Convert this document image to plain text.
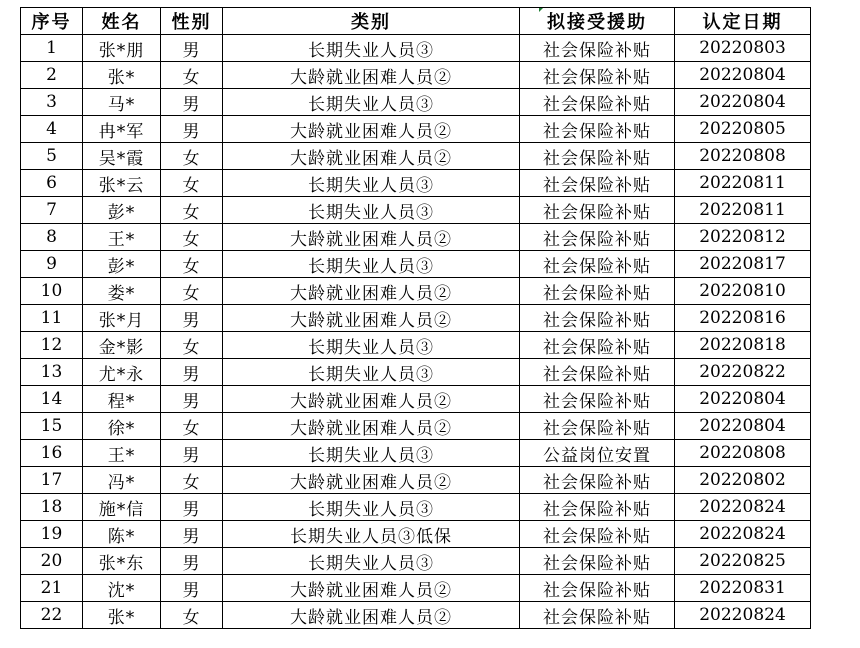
序号	姓名	性别	类别	拟接受援助	认定日期
1	张*朋	男	长期失业人员③	社会保险补贴	20220803
2	张*	女	大龄就业困难人员②	社会保险补贴	20220804
3	马*	男	长期失业人员③	社会保险补贴	20220804
4	冉*军	男	大龄就业困难人员②	社会保险补贴	20220805
5	吴*霞	女	大龄就业困难人员②	社会保险补贴	20220808
6	张*云	女	长期失业人员③	社会保险补贴	20220811
7	彭*	女	长期失业人员③	社会保险补贴	20220811
8	王*	女	大龄就业困难人员②	社会保险补贴	20220812
9	彭*	女	长期失业人员③	社会保险补贴	20220817
10	娄*	女	大龄就业困难人员②	社会保险补贴	20220810
11	张*月	男	大龄就业困难人员②	社会保险补贴	20220816
12	金*影	女	长期失业人员③	社会保险补贴	20220818
13	尤*永	男	长期失业人员③	社会保险补贴	20220822
14	程*	男	大龄就业困难人员②	社会保险补贴	20220804
15	徐*	女	大龄就业困难人员②	社会保险补贴	20220804
16	王*	男	长期失业人员③	公益岗位安置	20220808
17	冯*	女	大龄就业困难人员②	社会保险补贴	20220802
18	施*信	男	长期失业人员③	社会保险补贴	20220824
19	陈*	男	长期失业人员③低保	社会保险补贴	20220824
20	张*东	男	长期失业人员③	社会保险补贴	20220825
21	沈*	男	大龄就业困难人员②	社会保险补贴	20220831
22	张*	女	大龄就业困难人员②	社会保险补贴	20220824
